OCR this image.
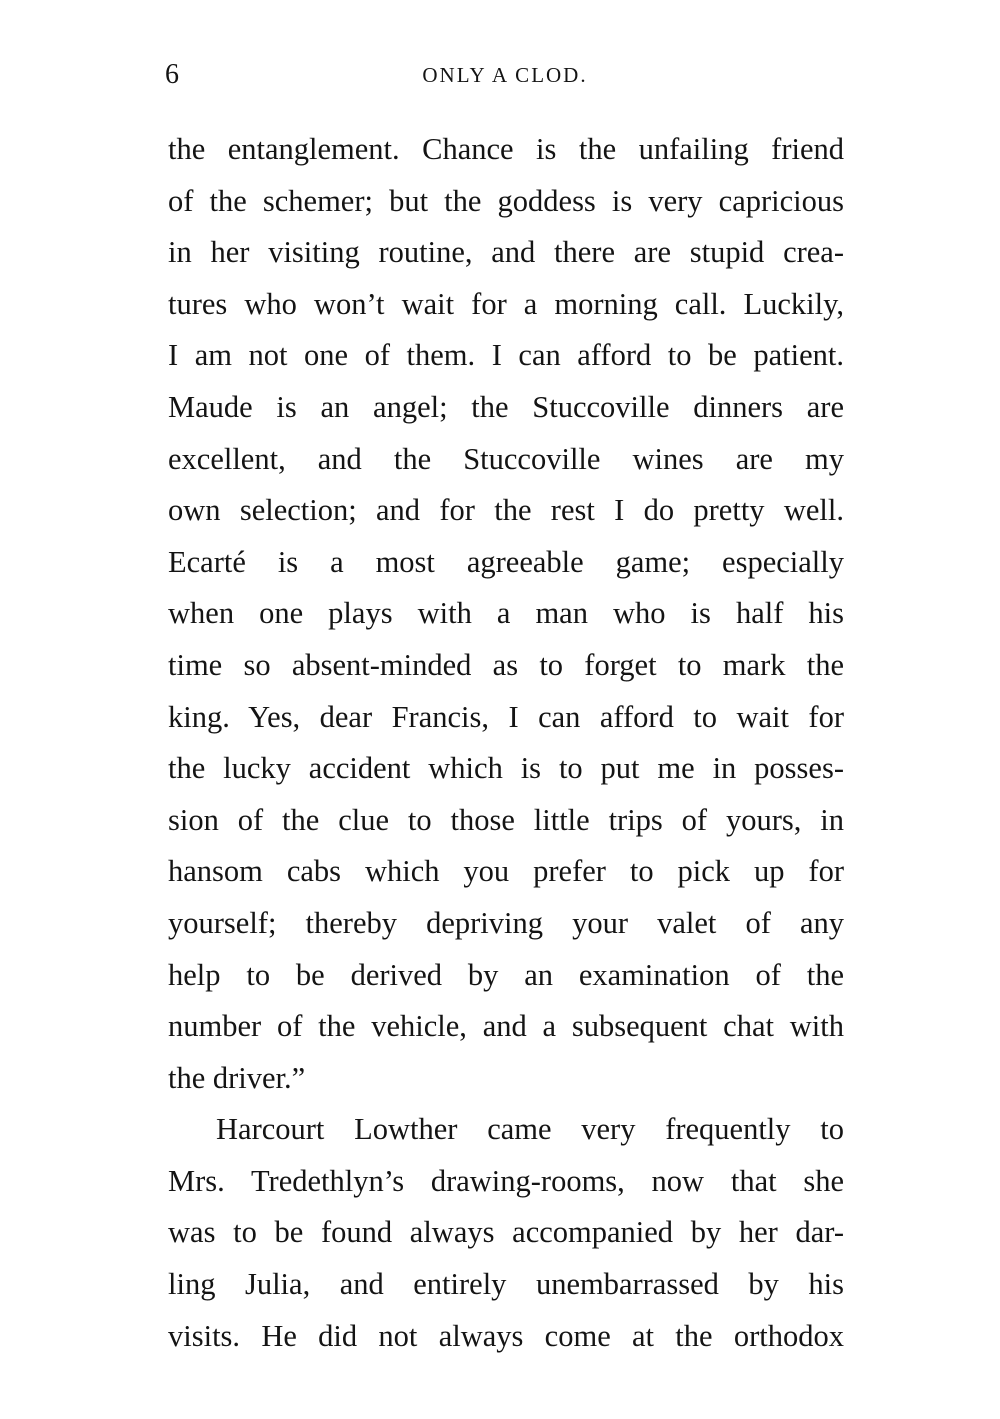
6	ONLY A CLOD.
the entanglement. Chance is the unfailing friend
of the schemer; but the goddess is very capricious
in her visiting routine, and there are stupid crea-
tures who won’t wait for a morning call. Luckily,
I am not one of them. I can afford to be patient.
Maude is an angel; the Stuccoville dinners are
excellent, and the Stuccoville wines are my
own selection; and for the rest I do pretty well.
Ecarté is a most agreeable game; especially
when one plays with a man who is half his
time so absent-minded as to forget to mark the
king. Yes, dear Francis, I can afford to wait for
the lucky accident which is to put me in posses-
sion of the clue to those little trips of yours, in
hansom cabs which you prefer to pick up for
yourself; thereby depriving your valet of any
help to be derived by an examination of the
number of the vehicle, and a subsequent chat with
the driver.”
Harcourt Lowther came very frequently to
Mrs. Tredethlyn’s drawing-rooms, now that she
was to be found always accompanied by her dar-
ling Julia, and entirely unembarrassed by his
visits. He did not always come at the orthodox
